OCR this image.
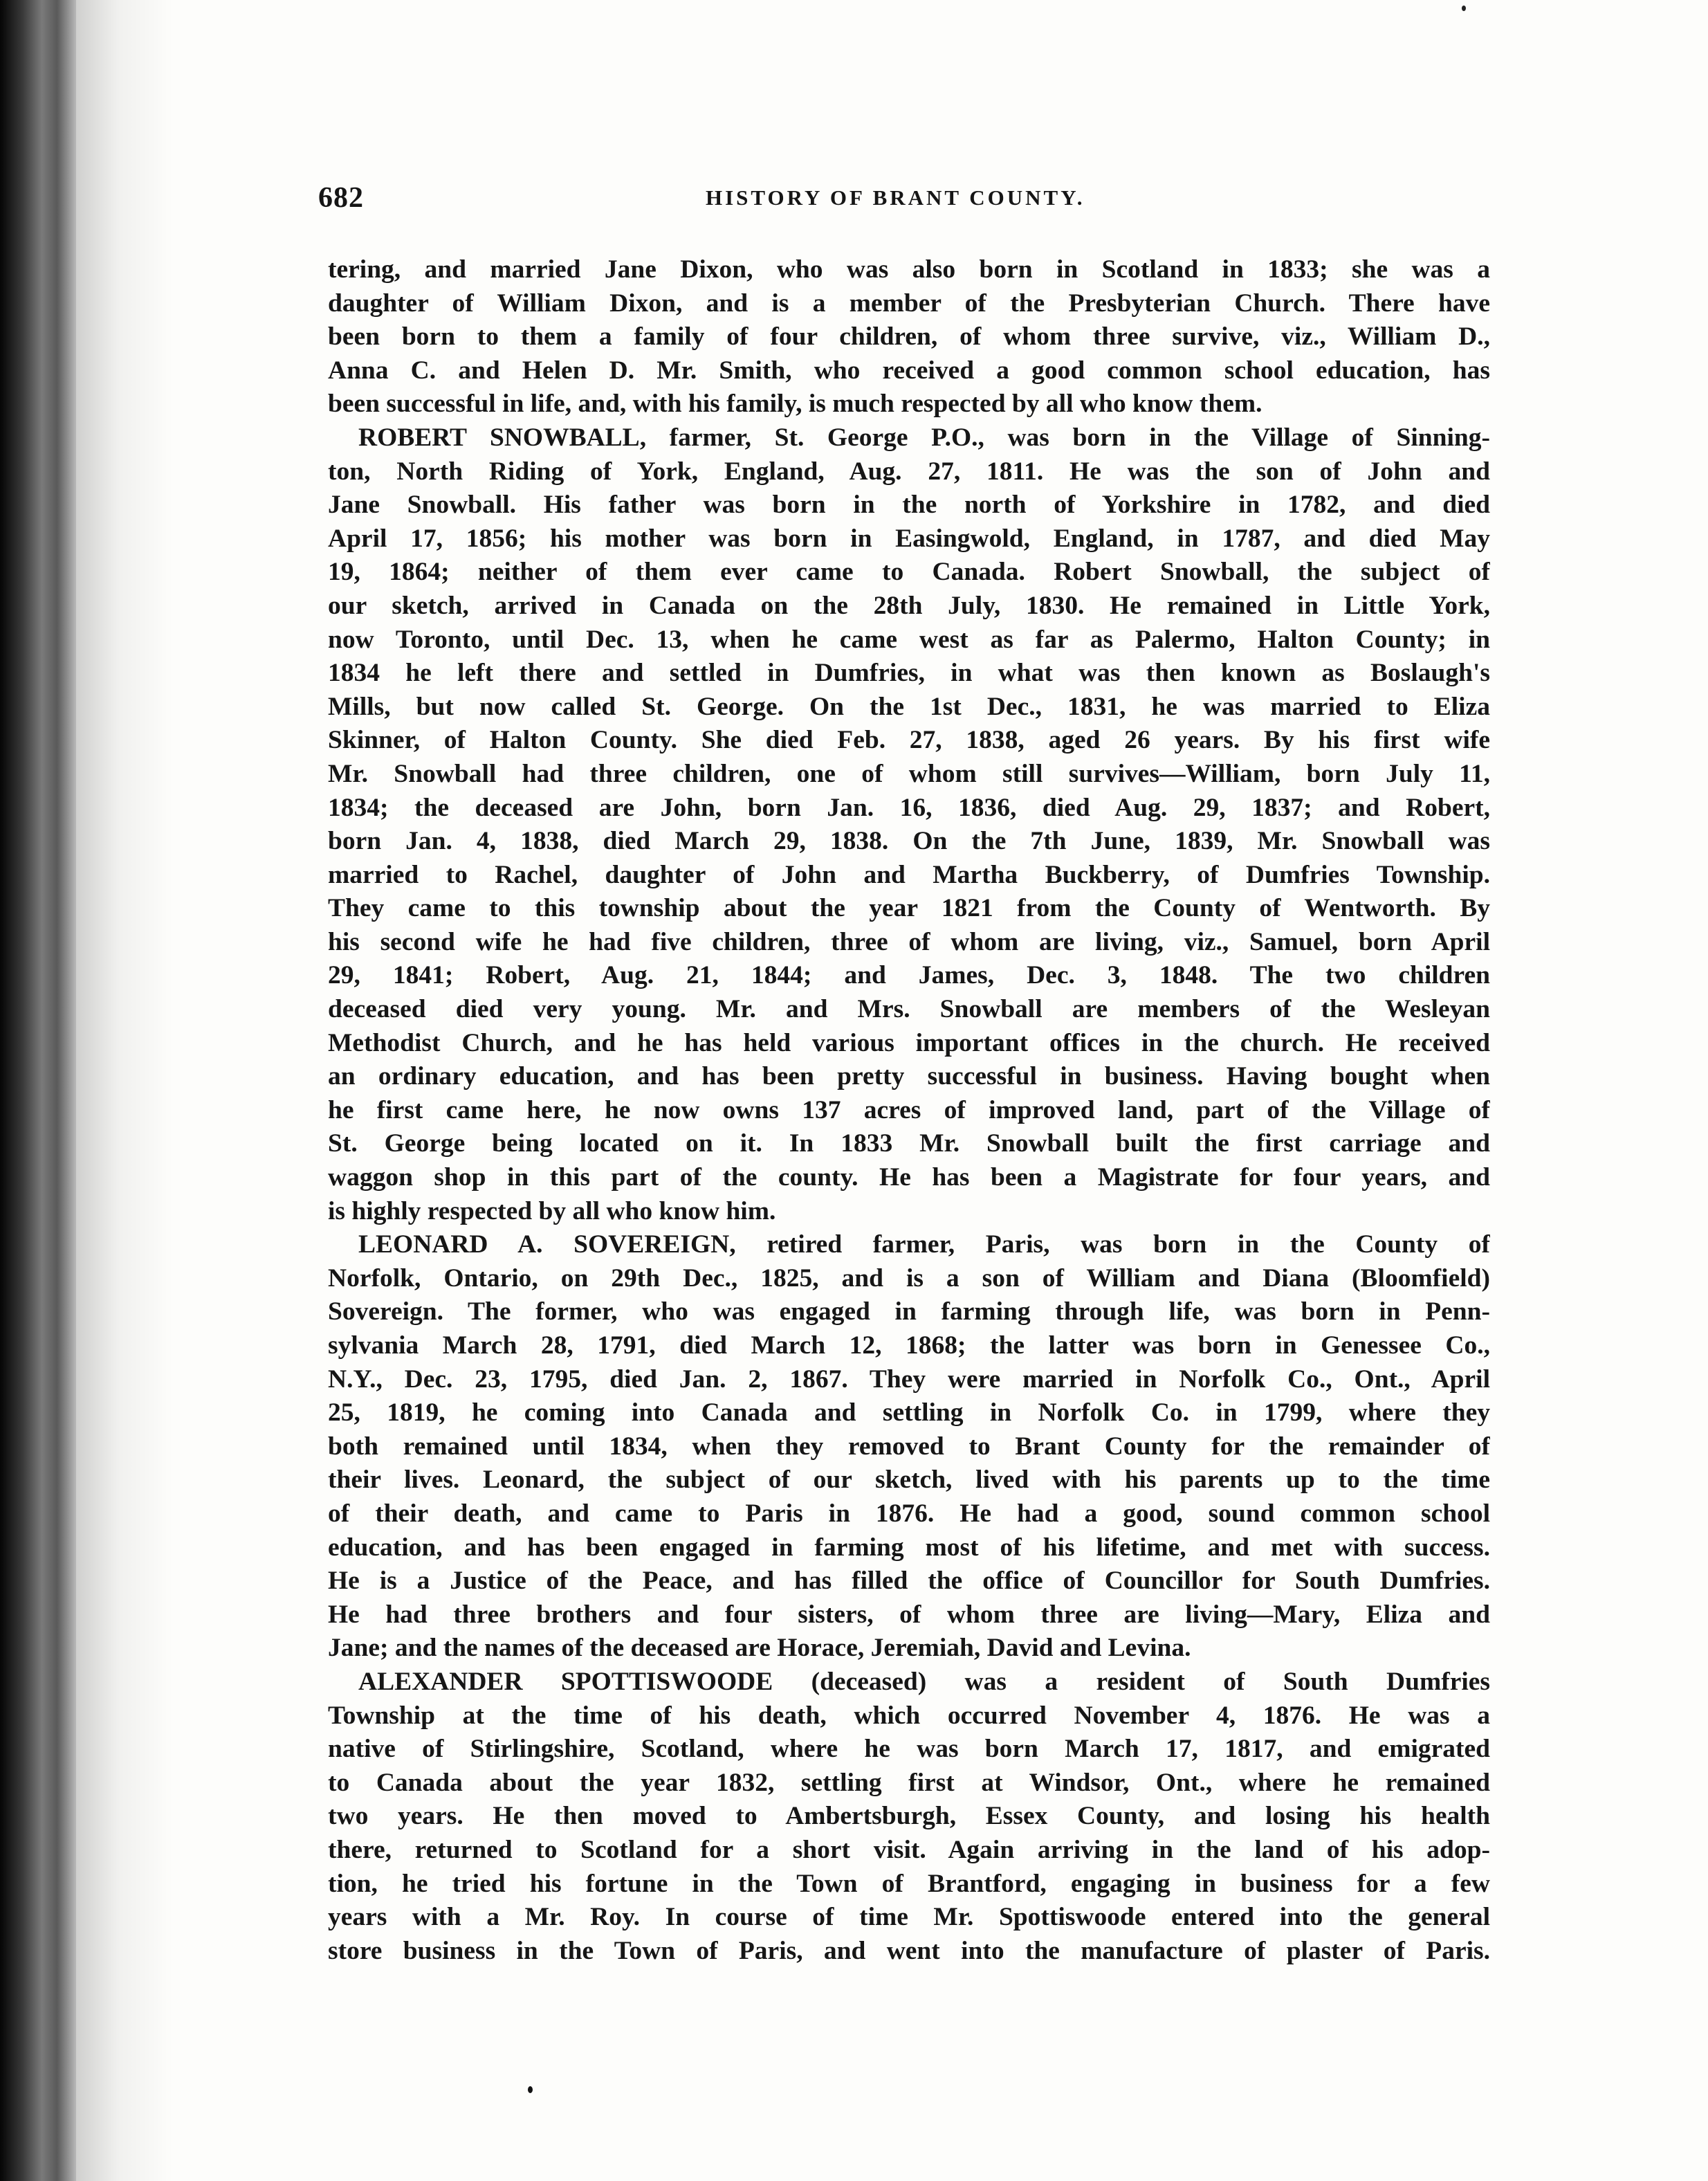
682	HISTORY OF BRANT COUNTY.
tering, and married Jane Dixon, who was also born in Scotland in 1833; she was a
daughter of William Dixon, and is a member of the Presbyterian Church. There have
been born to them a family of four children, of whom three survive, viz., William D.,
Anna C. and Helen D. Mr. Smith, who received a good common school education, has
been successful in life, and, with his family, is much respected by all who know them.
ROBERT SNOWBALL, farmer, St. George P.O., was born in the Village of Sinning-
ton, North Riding of York, England, Aug. 27, 1811. He was the son of John and
Jane Snowball. His father was born in the north of Yorkshire in 1782, and died
April 17, 1856; his mother was born in Easingwold, England, in 1787, and died May
19, 1864; neither of them ever came to Canada. Robert Snowball, the subject of
our sketch, arrived in Canada on the 28th July, 1830. He remained in Little York,
now Toronto, until Dec. 13, when he came west as far as Palermo, Halton County; in
1834 he left there and settled in Dumfries, in what was then known as Boslaugh's
Mills, but now called St. George. On the 1st Dec., 1831, he was married to Eliza
Skinner, of Halton County. She died Feb. 27, 1838, aged 26 years. By his first wife
Mr. Snowball had three children, one of whom still survives—William, born July 11,
1834; the deceased are John, born Jan. 16, 1836, died Aug. 29, 1837; and Robert,
born Jan. 4, 1838, died March 29, 1838. On the 7th June, 1839, Mr. Snowball was
married to Rachel, daughter of John and Martha Buckberry, of Dumfries Township.
They came to this township about the year 1821 from the County of Wentworth. By
his second wife he had five children, three of whom are living, viz., Samuel, born April
29, 1841; Robert, Aug. 21, 1844; and James, Dec. 3, 1848. The two children
deceased died very young. Mr. and Mrs. Snowball are members of the Wesleyan
Methodist Church, and he has held various important offices in the church. He received
an ordinary education, and has been pretty successful in business. Having bought when
he first came here, he now owns 137 acres of improved land, part of the Village of
St. George being located on it. In 1833 Mr. Snowball built the first carriage and
waggon shop in this part of the county. He has been a Magistrate for four years, and
is highly respected by all who know him.
LEONARD A. SOVEREIGN, retired farmer, Paris, was born in the County of
Norfolk, Ontario, on 29th Dec., 1825, and is a son of William and Diana (Bloomfield)
Sovereign. The former, who was engaged in farming through life, was born in Penn-
sylvania March 28, 1791, died March 12, 1868; the latter was born in Genessee Co.,
N.Y., Dec. 23, 1795, died Jan. 2, 1867. They were married in Norfolk Co., Ont., April
25, 1819, he coming into Canada and settling in Norfolk Co. in 1799, where they
both remained until 1834, when they removed to Brant County for the remainder of
their lives. Leonard, the subject of our sketch, lived with his parents up to the time
of their death, and came to Paris in 1876. He had a good, sound common school
education, and has been engaged in farming most of his lifetime, and met with success.
He is a Justice of the Peace, and has filled the office of Councillor for South Dumfries.
He had three brothers and four sisters, of whom three are living—Mary, Eliza and
Jane; and the names of the deceased are Horace, Jeremiah, David and Levina.
ALEXANDER SPOTTISWOODE (deceased) was a resident of South Dumfries
Township at the time of his death, which occurred November 4, 1876. He was a
native of Stirlingshire, Scotland, where he was born March 17, 1817, and emigrated
to Canada about the year 1832, settling first at Windsor, Ont., where he remained
two years. He then moved to Ambertsburgh, Essex County, and losing his health
there, returned to Scotland for a short visit. Again arriving in the land of his adop-
tion, he tried his fortune in the Town of Brantford, engaging in business for a few
years with a Mr. Roy. In course of time Mr. Spottiswoode entered into the general
store business in the Town of Paris, and went into the manufacture of plaster of Paris.
